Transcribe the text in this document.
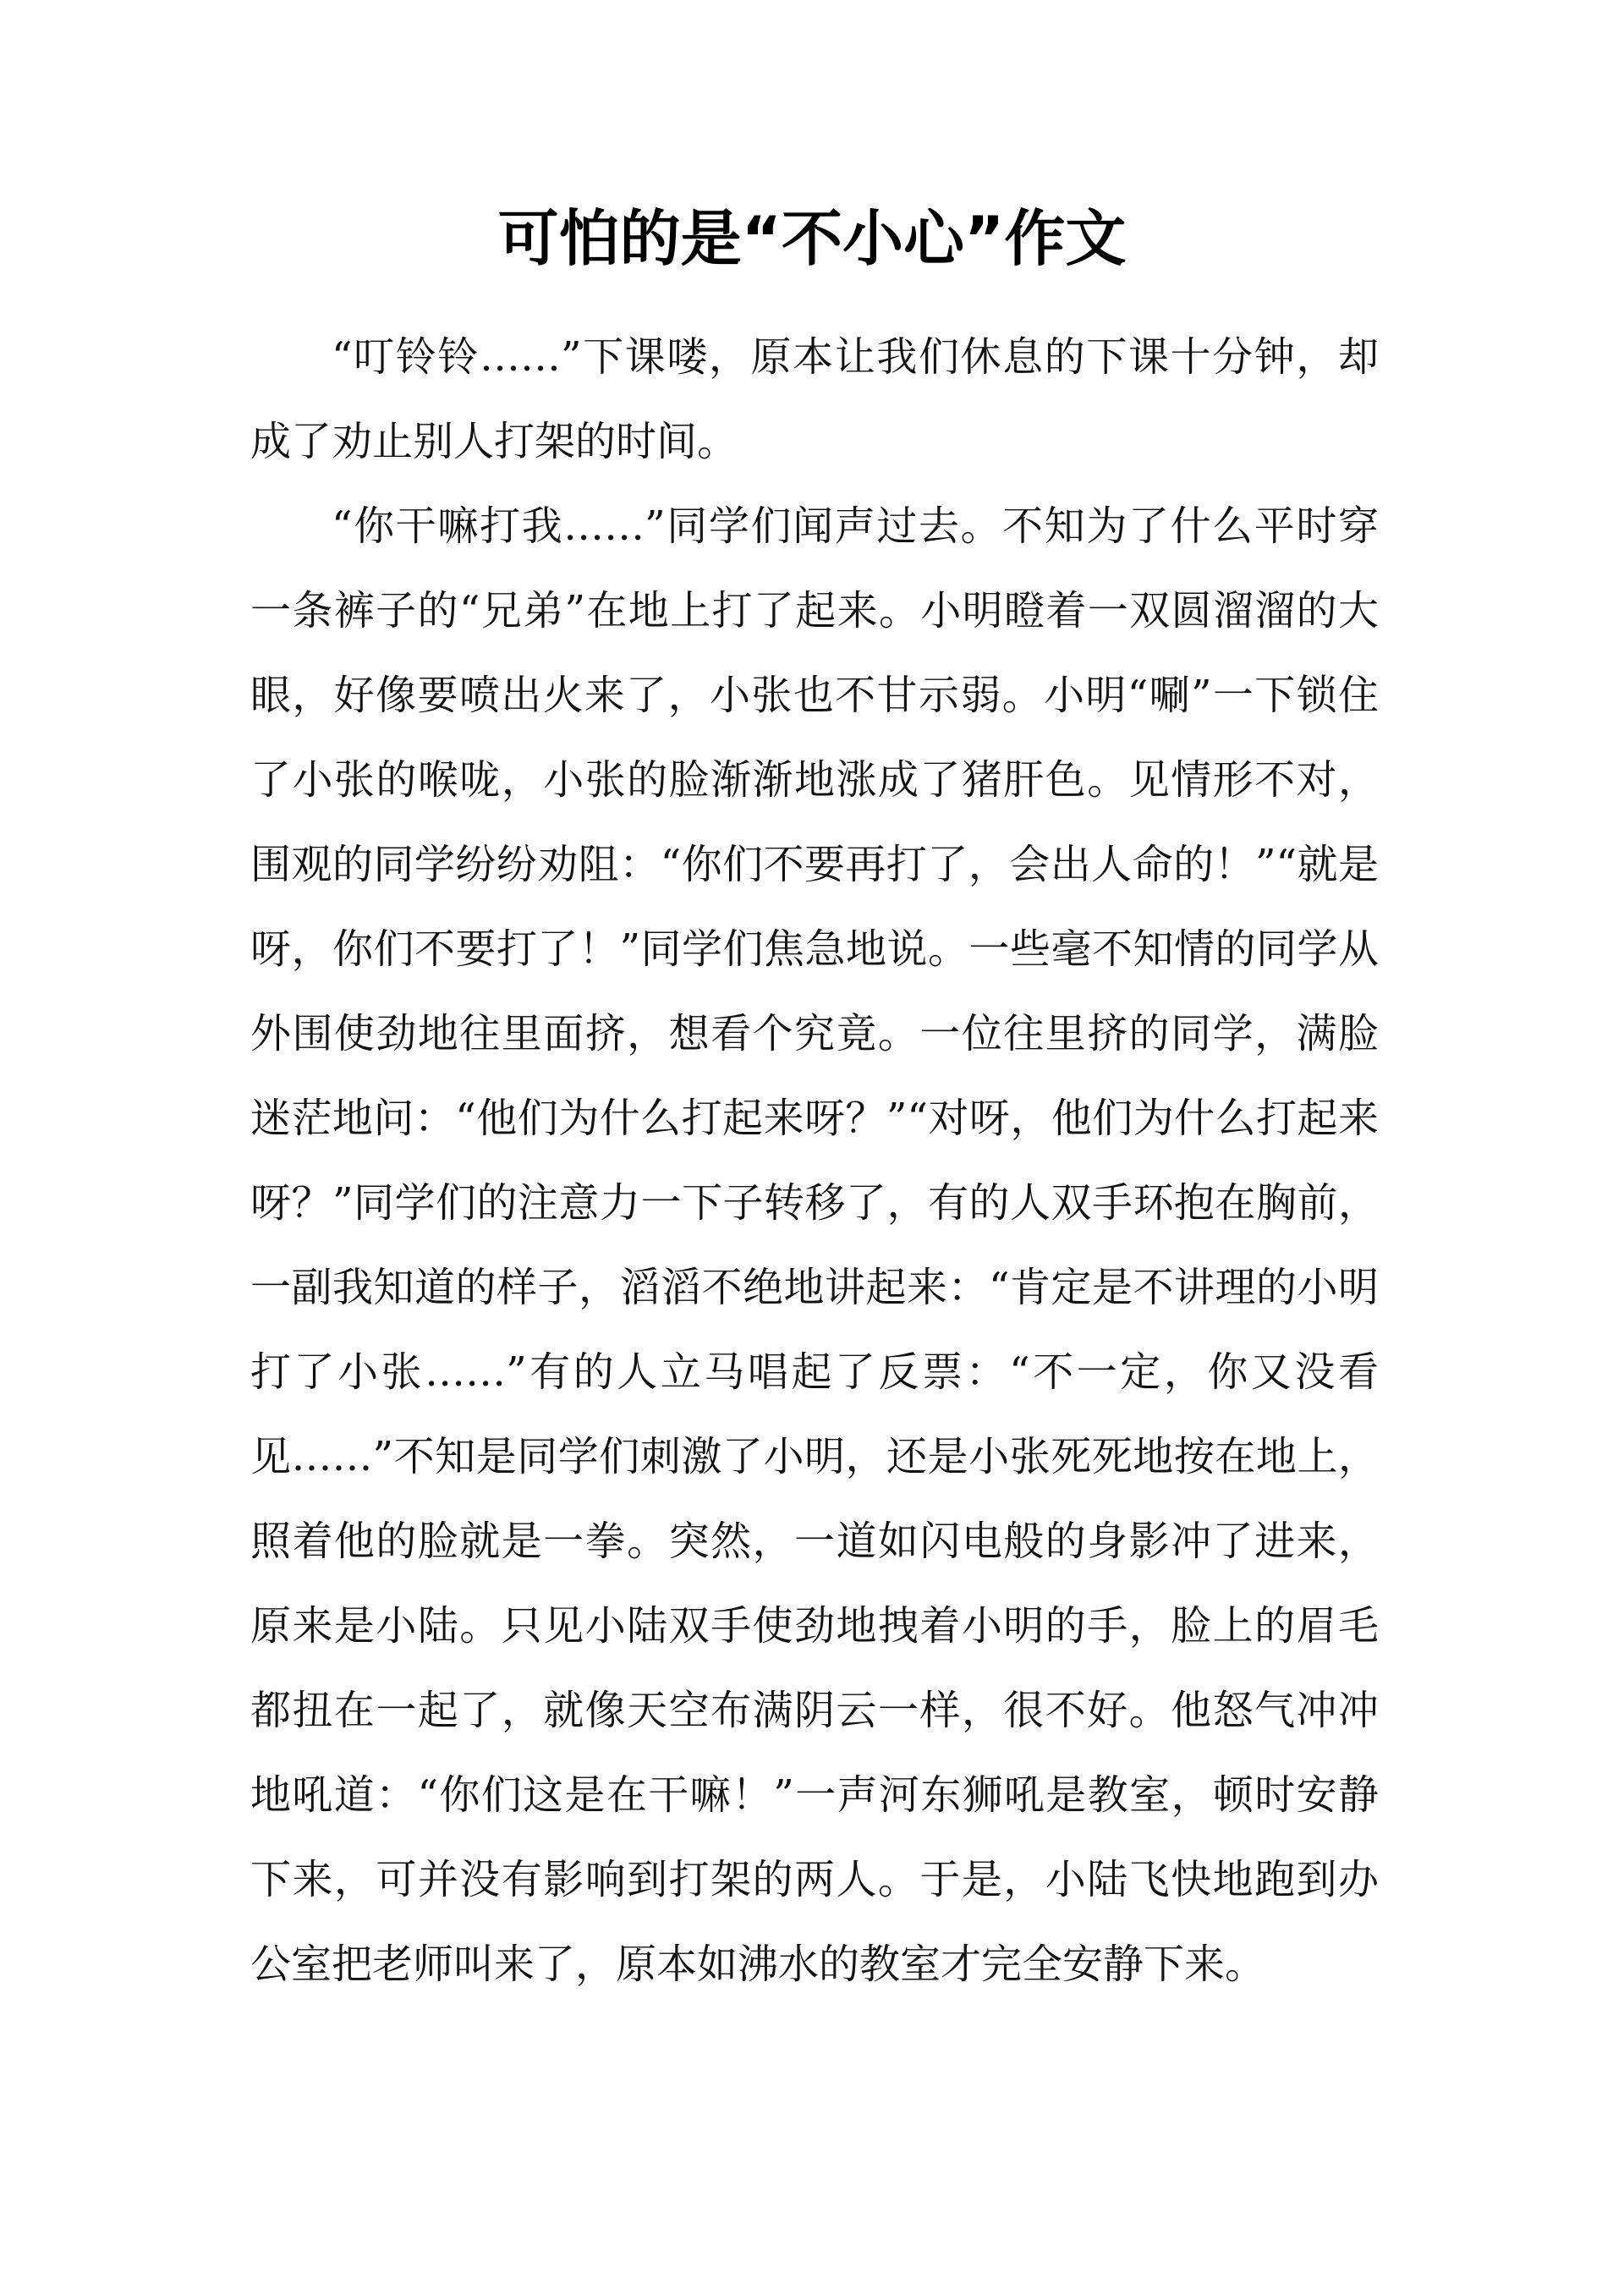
可怕的是“不小心”作文

“叮铃铃……”下课喽，原本让我们休息的下课十分钟，却成了劝止别人打架的时间。

“你干嘛打我……”同学们闻声过去。不知为了什么平时穿一条裤子的“兄弟”在地上打了起来。小明瞪着一双圆溜溜的大眼，好像要喷出火来了，小张也不甘示弱。小明“唰”一下锁住了小张的喉咙，小张的脸渐渐地涨成了猪肝色。见情形不对，围观的同学纷纷劝阻：“你们不要再打了，会出人命的！”“就是呀，你们不要打了！”同学们焦急地说。一些毫不知情的同学从外围使劲地往里面挤，想看个究竟。一位往里挤的同学，满脸迷茫地问：“他们为什么打起来呀？”“对呀，他们为什么打起来呀？”同学们的注意力一下子转移了，有的人双手环抱在胸前，一副我知道的样子，滔滔不绝地讲起来：“肯定是不讲理的小明打了小张……”有的人立马唱起了反票：“不一定，你又没看见……”不知是同学们刺激了小明，还是小张死死地按在地上，照着他的脸就是一拳。突然，一道如闪电般的身影冲了进来，原来是小陆。只见小陆双手使劲地拽着小明的手，脸上的眉毛都扭在一起了，就像天空布满阴云一样，很不好。他怒气冲冲地吼道：“你们这是在干嘛！”一声河东狮吼是教室，顿时安静下来，可并没有影响到打架的两人。于是，小陆飞快地跑到办公室把老师叫来了，原本如沸水的教室才完全安静下来。
